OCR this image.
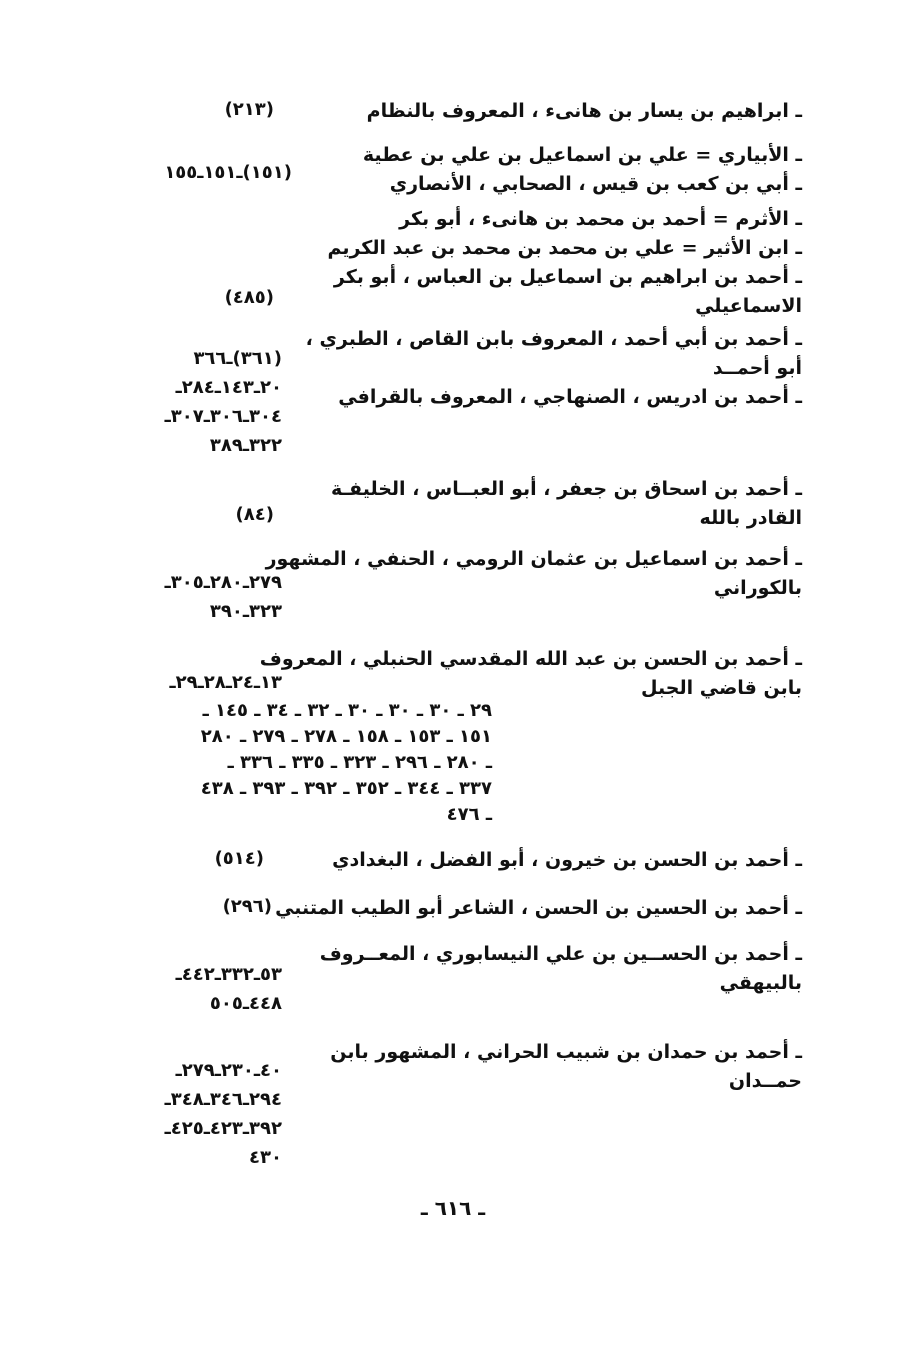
ـ ابراهيم بن يسار بن هانىء ، المعروف بالنظام
(٢١٣)
ـ الأبياري = علي بن اسماعيل بن علي بن عطية
ـ أبي بن كعب بن قيس ، الصحابي ، الأنصاري
(١٥١)ـ١٥١ـ١٥٥
ـ الأثرم = أحمد بن محمد بن هانىء ، أبو بكر
ـ ابن الأثير = علي بن محمد بن محمد بن عبد الكريم
ـ أحمد بن ابراهيم بن اسماعيل بن العباس ، أبو بكر
الاسماعيلي
(٤٨٥)
ـ أحمد بن أبي أحمد ، المعروف بابن القاص ، الطبري ،
أبو أحمــد
ـ أحمد بن ادريس ، الصنهاجي ، المعروف بالقرافي
(٣٦١)ـ٣٦٦
٢٠ـ١٤٣ـ٢٨٤ـ
٣٠٤ـ٣٠٦ـ٣٠٧ـ
٣٢٢ـ٣٨٩
ـ أحمد بن اسحاق بن جعفر ، أبو العبــاس ، الخليفـة
القادر بالله
(٨٤)
ـ أحمد بن اسماعيل بن عثمان الرومي ، الحنفي ، المشهور
بالكوراني
٢٧٩ـ٢٨٠ـ٣٠٥ـ
٣٢٣ـ٣٩٠
ـ أحمد بن الحسن بن عبد الله المقدسي الحنبلي ، المعروف
بابن قاضي الجبل
١٣ـ٢٤ـ٢٨ـ٢٩ـ
٢٩ ـ ٣٠ ـ ٣٠ ـ ٣٠ ـ ٣٢ ـ ٣٤ ـ ١٤٥ ـ
١٥١ ـ ١٥٣ ـ ١٥٨ ـ ٢٧٨ ـ ٢٧٩ ـ ٢٨٠
ـ ٢٨٠ ـ ٢٩٦ ـ ٣٢٣ ـ ٣٣٥ ـ ٣٣٦ ـ
٣٣٧ ـ ٣٤٤ ـ ٣٥٢ ـ ٣٩٢ ـ ٣٩٣ ـ ٤٣٨
ـ ٤٧٦
ـ أحمد بن الحسن بن خيرون ، أبو الفضل ، البغدادي
(٥١٤)
ـ أحمد بن الحسين بن الحسن ، الشاعر أبو الطيب المتنبي
(٢٩٦)
ـ أحمد بن الحســين بن علي النيسابوري ، المعــروف
بالبيهقي
٥٣ـ٣٣٢ـ٤٤٢ـ
٤٤٨ـ٥٠٥
ـ أحمد بن حمدان بن شبيب الحراني ، المشهور بابن
حمــدان
٤٠ـ٢٣٠ـ٢٧٩ـ
٢٩٤ـ٣٤٦ـ٣٤٨ـ
٣٩٢ـ٤٢٣ـ٤٢٥ـ
٤٣٠
ـ ٦١٦ ـ
